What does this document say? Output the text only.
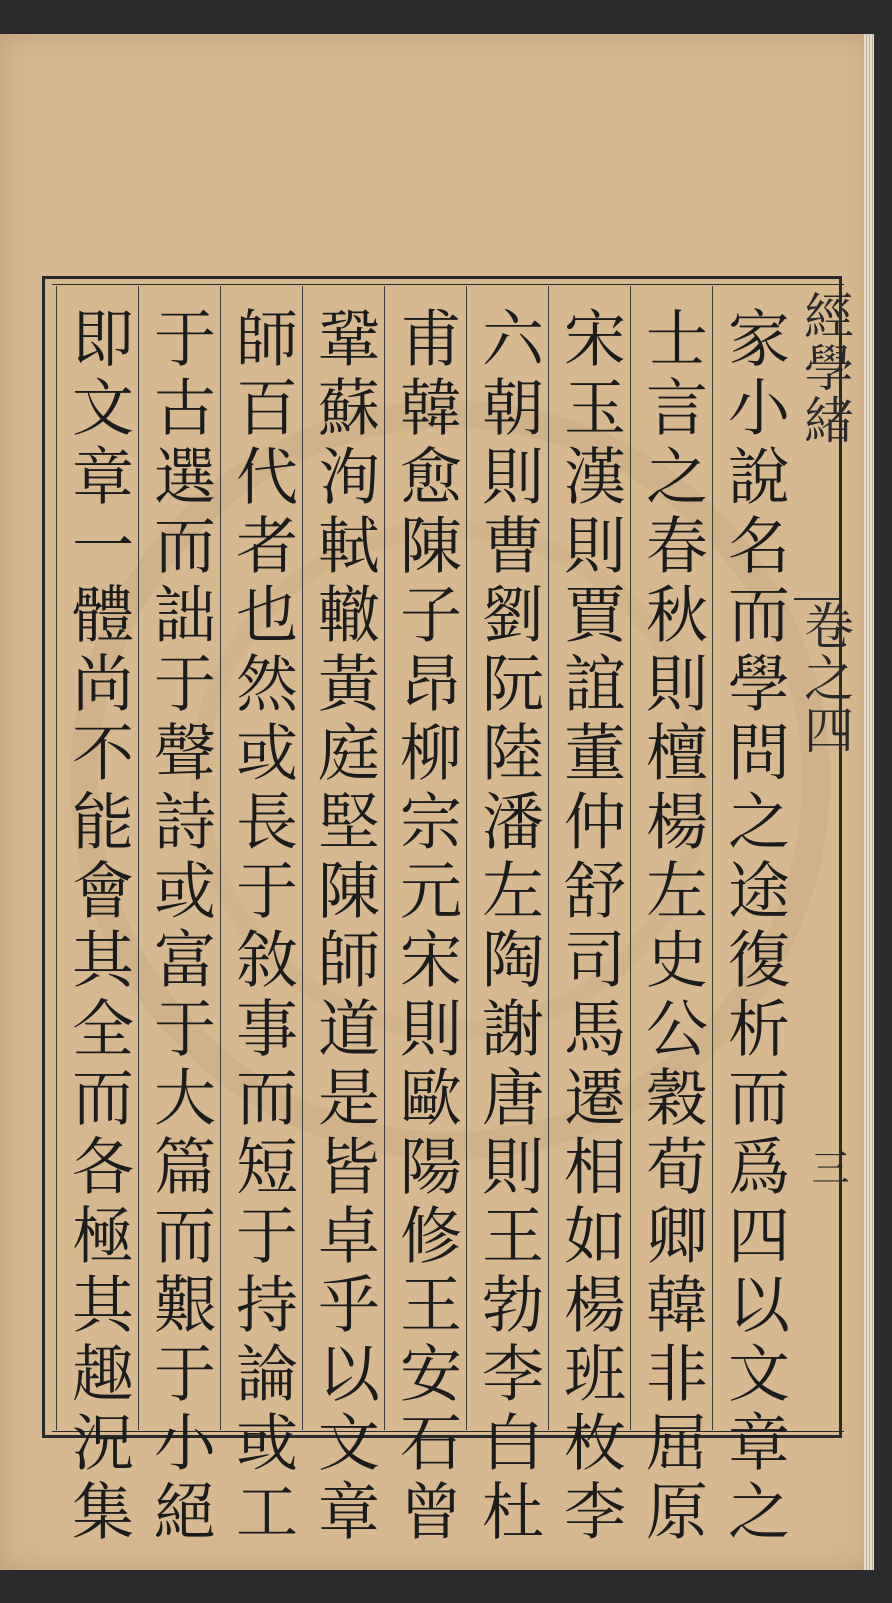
經學緒
卷之四
三
家小說名而學問之途復析而爲四以文章之
士言之春秋則檀楊左史公穀荀卿韓非屈原
宋玉漢則賈誼董仲舒司馬遷相如楊班枚李
六朝則曹劉阮陸潘左陶謝唐則王勃李白杜
甫韓愈陳子昂柳宗元宋則歐陽修王安石曾
鞏蘇洵軾轍黃庭堅陳師道是皆卓乎以文章
師百代者也然或長于敘事而短于持論或工
于古選而詘于聲詩或富于大篇而艱于小絕
即文章一體尚不能會其全而各極其趣況集
